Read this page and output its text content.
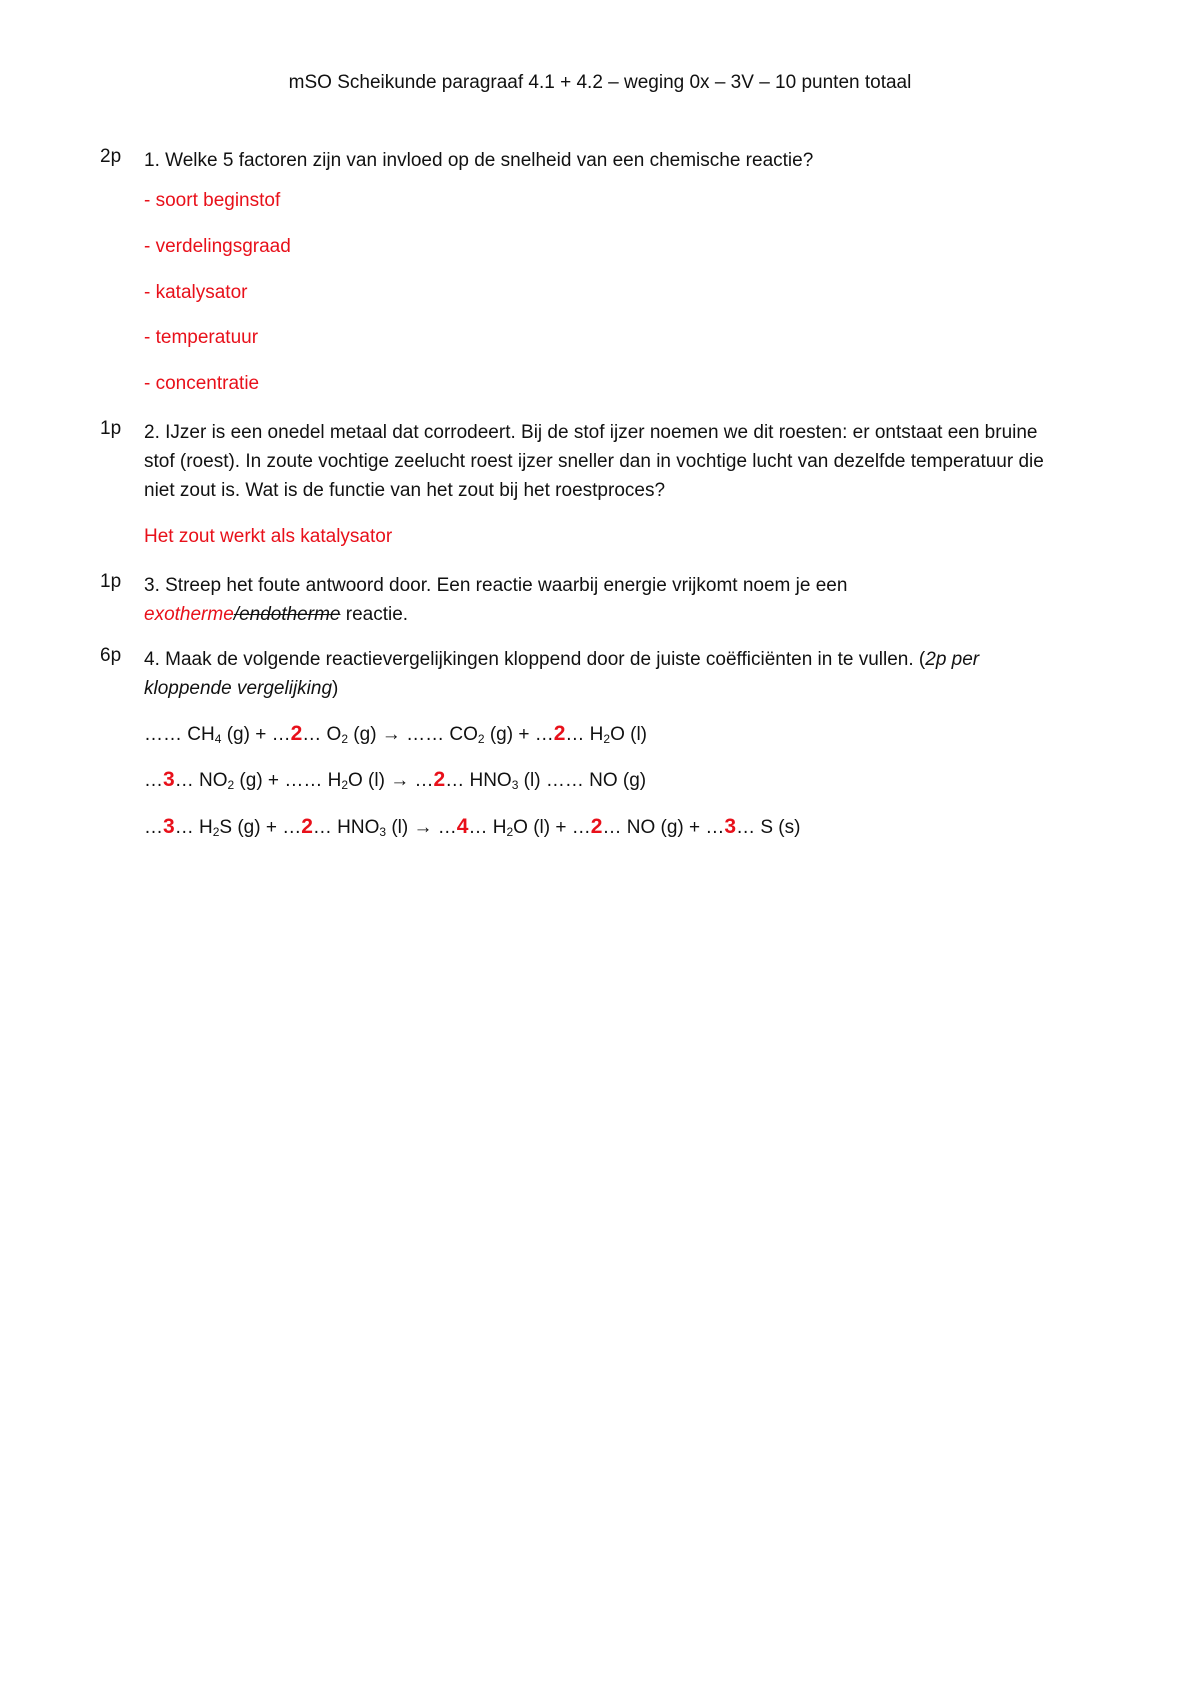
mSO Scheikunde paragraaf 4.1 + 4.2 – weging 0x – 3V – 10 punten totaal
2p	1. Welke 5 factoren zijn van invloed op de snelheid van een chemische reactie?
- soort beginstof
- verdelingsgraad
- katalysator
- temperatuur
- concentratie
1p	2. IJzer is een onedel metaal dat corrodeert. Bij de stof ijzer noemen we dit roesten: er ontstaat een bruine stof (roest). In zoute vochtige zeelucht roest ijzer sneller dan in vochtige lucht van dezelfde temperatuur die niet zout is. Wat is de functie van het zout bij het roestproces?
Het zout werkt als katalysator
1p	3. Streep het foute antwoord door. Een reactie waarbij energie vrijkomt noem je een
exotherme/endotherme reactie.
6p	4. Maak de volgende reactievergelijkingen kloppend door de juiste coëfficiënten in te vullen. (2p per kloppende vergelijking)
…… $CH_4$ (g) + …2… $O_2$ (g) → …… $CO_2$ (g) + …2… $H_2O$ (l)
…3… $NO_2$ (g) + …… $H_2O$ (l) → …2… $HNO_3$ (l) …… NO (g)
…3… $H_2S$ (g) + …2… $HNO_3$ (l) → …4… $H_2O$ (l) + …2… NO (g) + …3… S (s)
